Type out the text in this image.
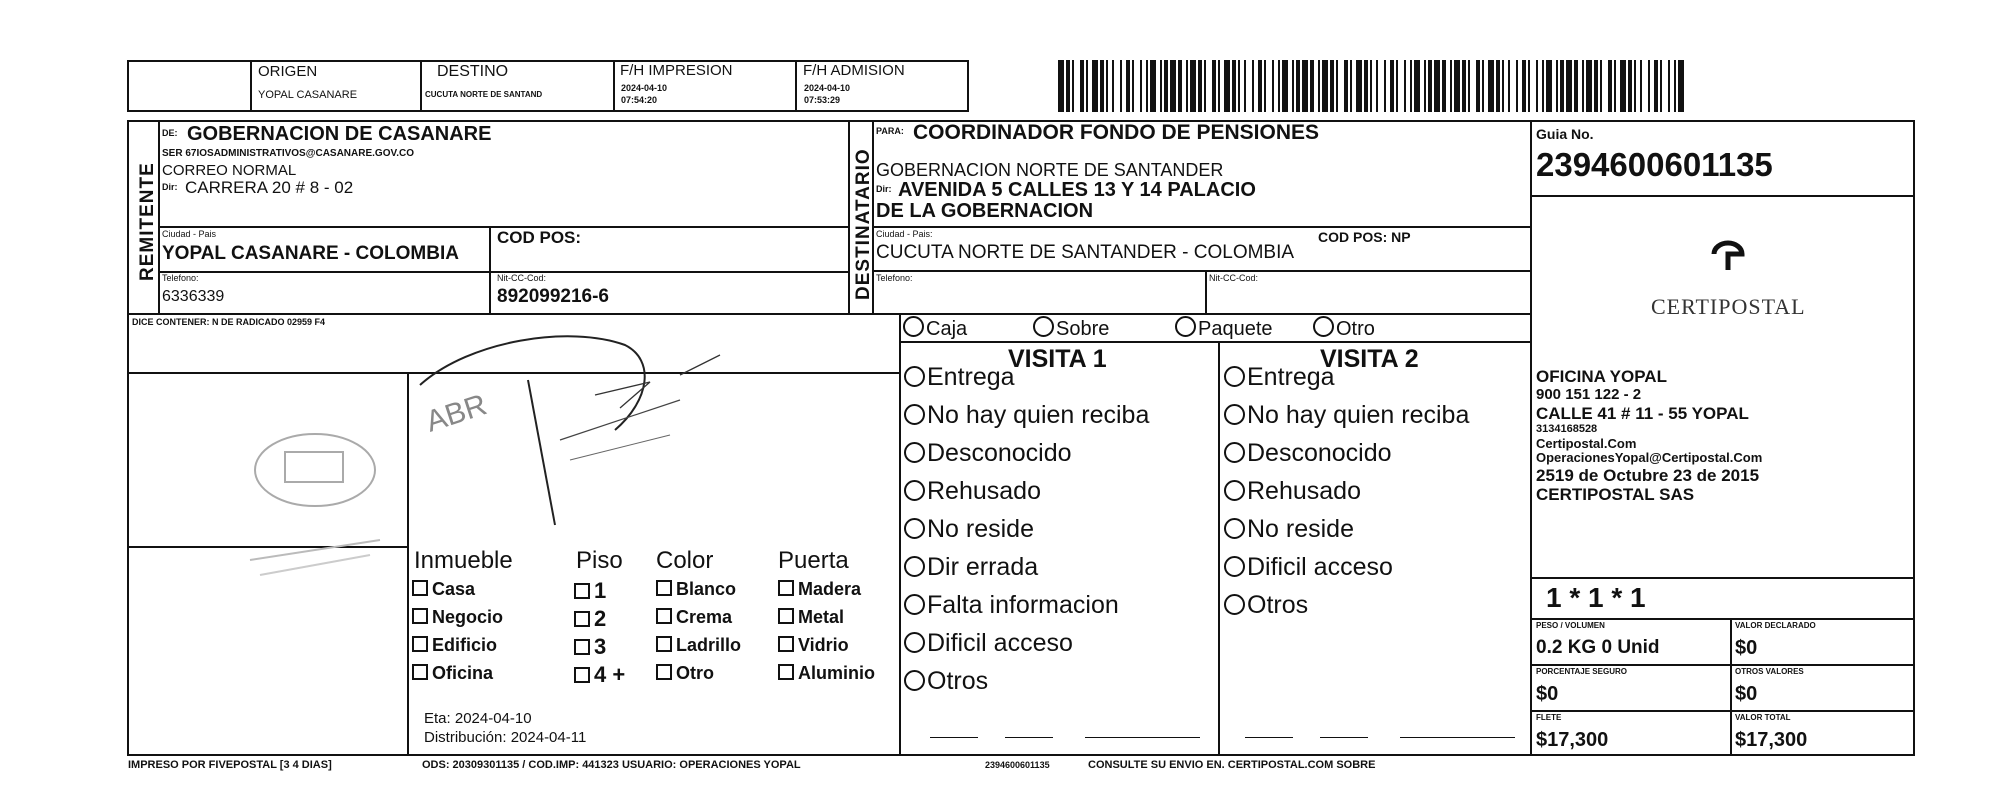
ORIGEN
YOPAL CASANARE
DESTINO
CUCUTA NORTE DE SANTAND
F/H IMPRESION
2024-04-10
07:54:20
F/H ADMISION
2024-04-10
07:53:29
REMITENTE
DE: GOBERNACION DE CASANARE
SER 67IOSADMINISTRATIVOS@CASANARE.GOV.CO
CORREO NORMAL
Dir: CARRERA 20 # 8 - 02
Ciudad - Pais
YOPAL CASANARE - COLOMBIA
COD POS:
Telefono:
6336339
Nit-CC-Cod:
892099216-6	DESTINATARIO
PARA: COORDINADOR FONDO DE PENSIONES
GOBERNACION NORTE DE SANTANDER
Dir: AVENIDA 5 CALLES 13 Y 14 PALACIO
DE LA GOBERNACION
Ciudad - Pais:
CUCUTA NORTE DE SANTANDER - COLOMBIA
COD POS: NP
Telefono:	Nit-CC-Cod:
Guia No.
2394600601135
CERTIPOSTAL
OFICINA YOPAL
900 151 122 - 2
CALLE 41 # 11 - 55 YOPAL
3134168528
Certipostal.Com
OperacionesYopal@Certipostal.Com
2519 de Octubre 23 de 2015
CERTIPOSTAL SAS
1 * 1 * 1
PESO / VOLUMEN
0.2 KG 0 Unid
VALOR DECLARADO
$0
PORCENTAJE SEGURO
$0
OTROS VALORES
$0
FLETE
$17,300
VALOR TOTAL
$17,300
DICE CONTENER: N DE RADICADO 02959 F4	Caja	Sobre	Paquete	Otro
VISITA 1	VISITA 2
Entrega
No hay quien reciba
Desconocido
Rehusado
No reside
Dir errada
Falta informacion
Dificil acceso
Otros
Entrega
No hay quien reciba
Desconocido
Rehusado
No reside
Dificil acceso
Otros
ABR
Inmueble	Piso Color	Puerta
Casa
Negocio
Edificio
Oficina
1
2
3
4 +
Blanco
Crema
Ladrillo
Otro
Madera
Metal
Vidrio
Aluminio
Eta: 2024-04-10
Distribución: 2024-04-11
IMPRESO POR FIVEPOSTAL [3 4 DIAS]	ODS: 20309301135 / COD.IMP: 441323 USUARIO: OPERACIONES YOPAL	2394600601135	CONSULTE SU ENVIO EN. CERTIPOSTAL.COM SOBRE
